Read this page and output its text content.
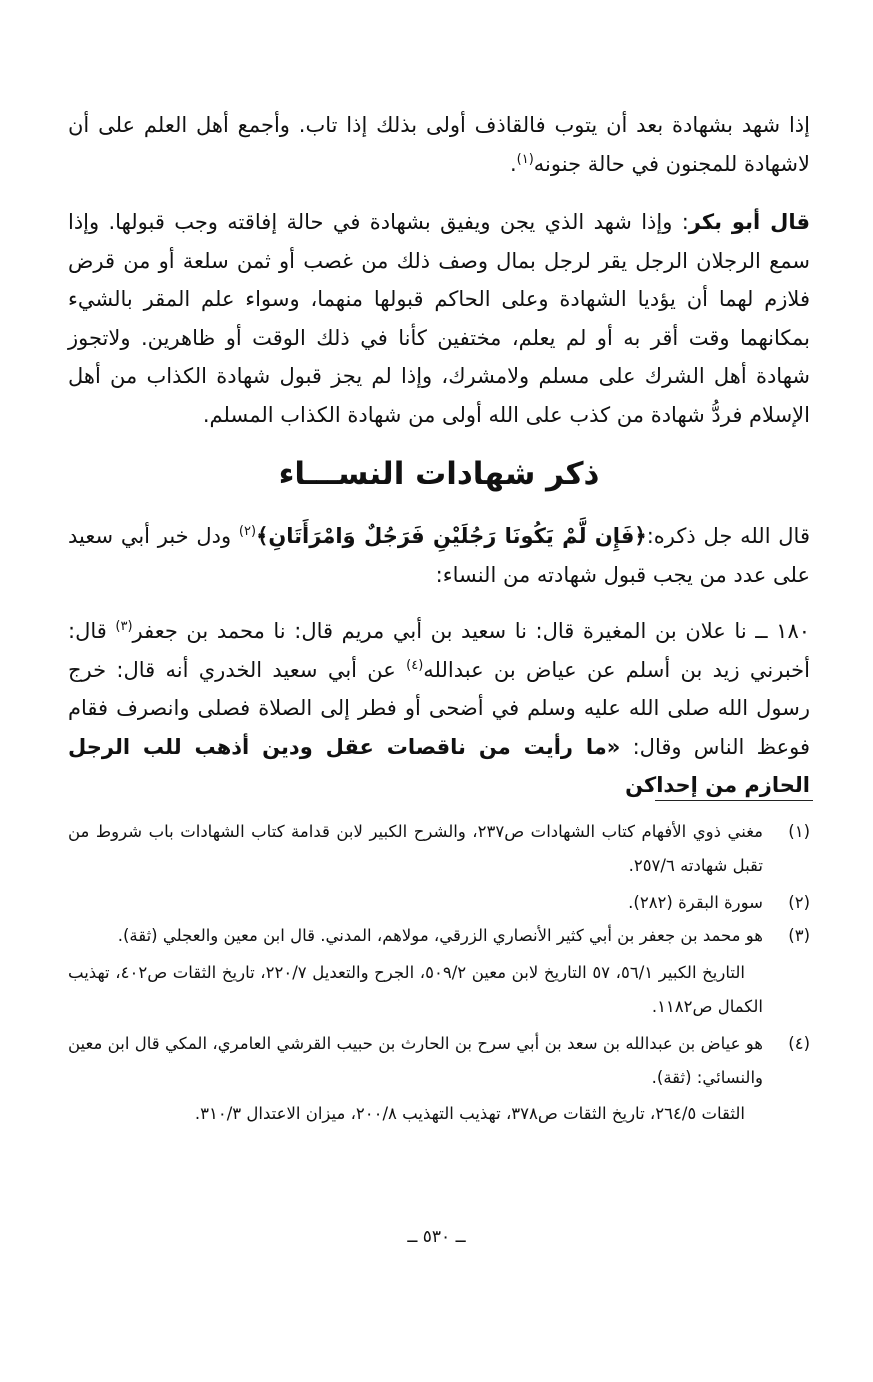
إذا شهد بشهادة بعد أن يتوب فالقاذف أولى بذلك إذا تاب. وأجمع أهل العلم على أن لاشهادة للمجنون في حالة جنونه$^{(١)}$.
قال أبو بكر: وإذا شهد الذي يجن ويفيق بشهادة في حالة إفاقته وجب قبولها. وإذا سمع الرجلان الرجل يقر لرجل بمال وصف ذلك من غصب أو ثمن سلعة أو من قرض فلازم لهما أن يؤديا الشهادة وعلى الحاكم قبولها منهما، وسواء علم المقر بالشيء بمكانهما وقت أقر به أو لم يعلم، مختفين كأنا في ذلك الوقت أو ظاهرين. ولاتجوز شهادة أهل الشرك على مسلم ولامشرك، وإذا لم يجز قبول شهادة الكذاب من أهل الإسلام فردُّ شهادة من كذب على الله أولى من شهادة الكذاب المسلم.
ذكر شهادات النســـاء
قال الله جل ذكره:﴿فَإِن لَّمْ يَكُونَا رَجُلَيْنِ فَرَجُلٌ وَامْرَأَتَانِ﴾$^{(٢)}$ ودل خبر أبي سعيد على عدد من يجب قبول شهادته من النساء:
١٨٠ ــ نا علان بن المغيرة قال: نا سعيد بن أبي مريم قال: نا محمد بن جعفر$^{(٣)}$ قال: أخبرني زيد بن أسلم عن عياض بن عبدالله$^{(٤)}$ عن أبي سعيد الخدري أنه قال: خرج رسول الله صلى الله عليه وسلم في أضحى أو فطر إلى الصلاة فصلى وانصرف فقام فوعظ الناس وقال: «ما رأيت من ناقصات عقل ودين أذهب للب الرجل الحازم من إحداكن
(١)
مغني ذوي الأفهام كتاب الشهادات ص٢٣٧، والشرح الكبير لابن قدامة كتاب الشهادات باب شروط من تقبل شهادته ٢٥٧/٦.
(٢)
سورة البقرة (٢٨٢).
(٣)
هو محمد بن جعفر بن أبي كثير الأنصاري الزرقي، مولاهم، المدني. قال ابن معين والعجلي (ثقة).
التاريخ الكبير ٥٦/١، ٥٧ التاريخ لابن معين ٥٠٩/٢، الجرح والتعديل ٢٢٠/٧، تاريخ الثقات ص٤٠٢، تهذيب الكمال ص١١٨٢.
(٤)
هو عياض بن عبدالله بن سعد بن أبي سرح بن الحارث بن حبيب القرشي العامري، المكي قال ابن معين والنسائي: (ثقة).
الثقات ٢٦٤/٥، تاريخ الثقات ص٣٧٨، تهذيب التهذيب ٢٠٠/٨، ميزان الاعتدال ٣١٠/٣.
ــ ٥٣٠ ــ
